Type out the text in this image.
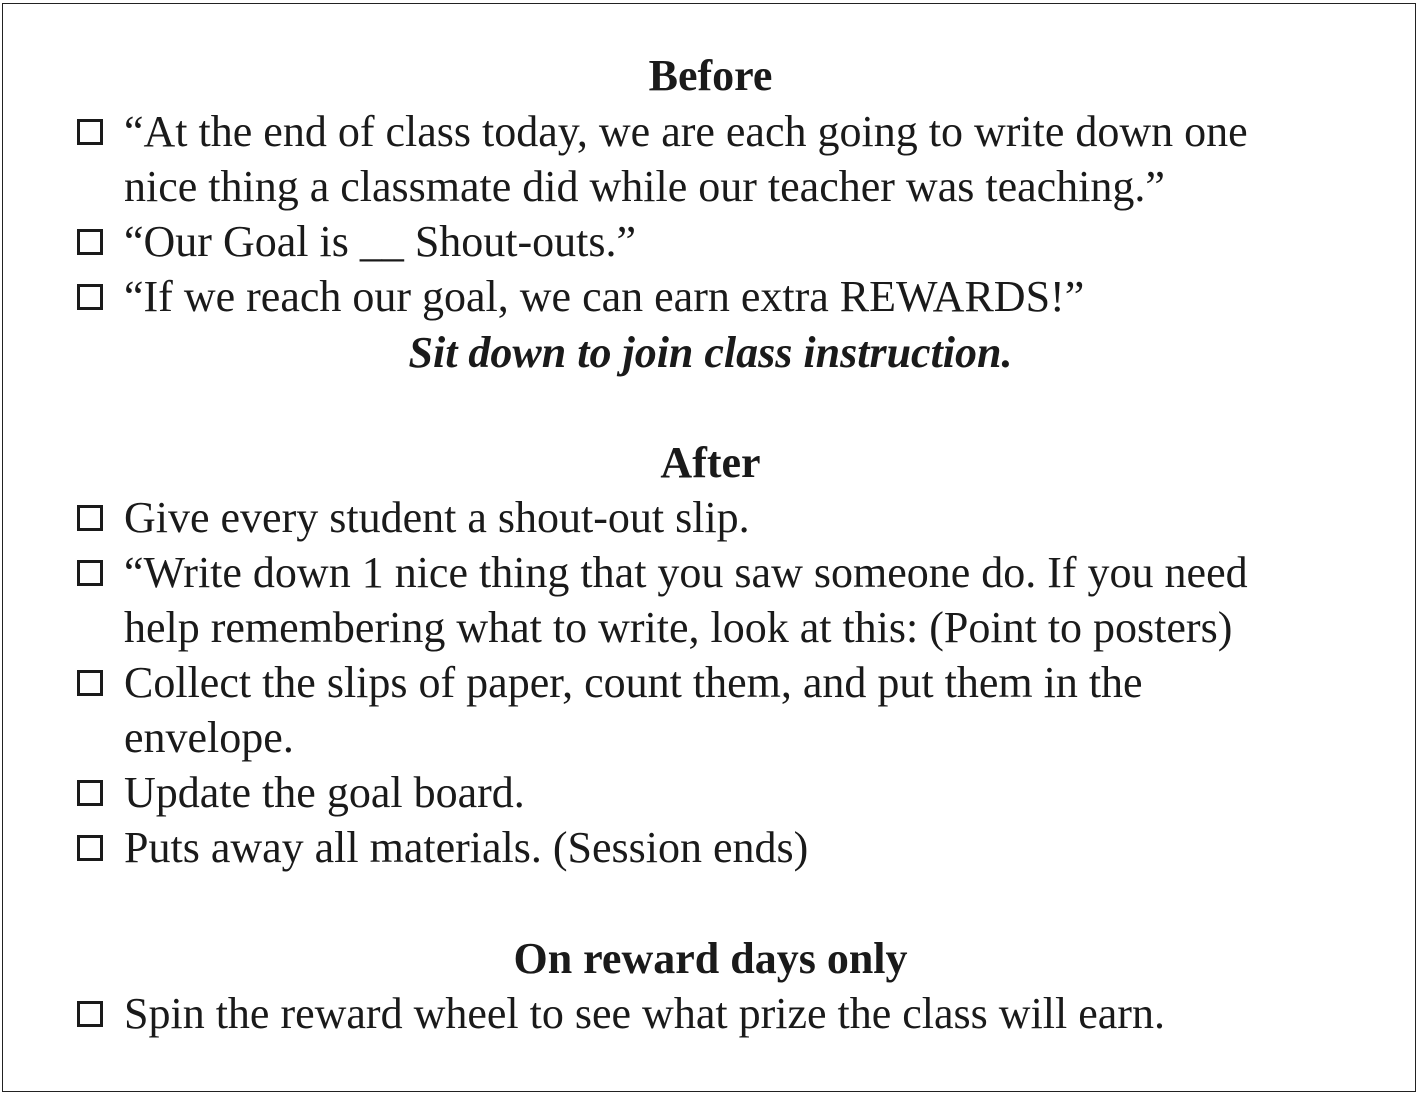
Before
“At the end of class today, we are each going to write down one
nice thing a classmate did while our teacher was teaching.”
“Our Goal is __ Shout-outs.”
“If we reach our goal, we can earn extra REWARDS!”
Sit down to join class instruction.
After
Give every student a shout-out slip.
“Write down 1 nice thing that you saw someone do. If you need
help remembering what to write, look at this: (Point to posters)
Collect the slips of paper, count them, and put them in the
envelope.
Update the goal board.
Puts away all materials. (Session ends)
On reward days only
Spin the reward wheel to see what prize the class will earn.
